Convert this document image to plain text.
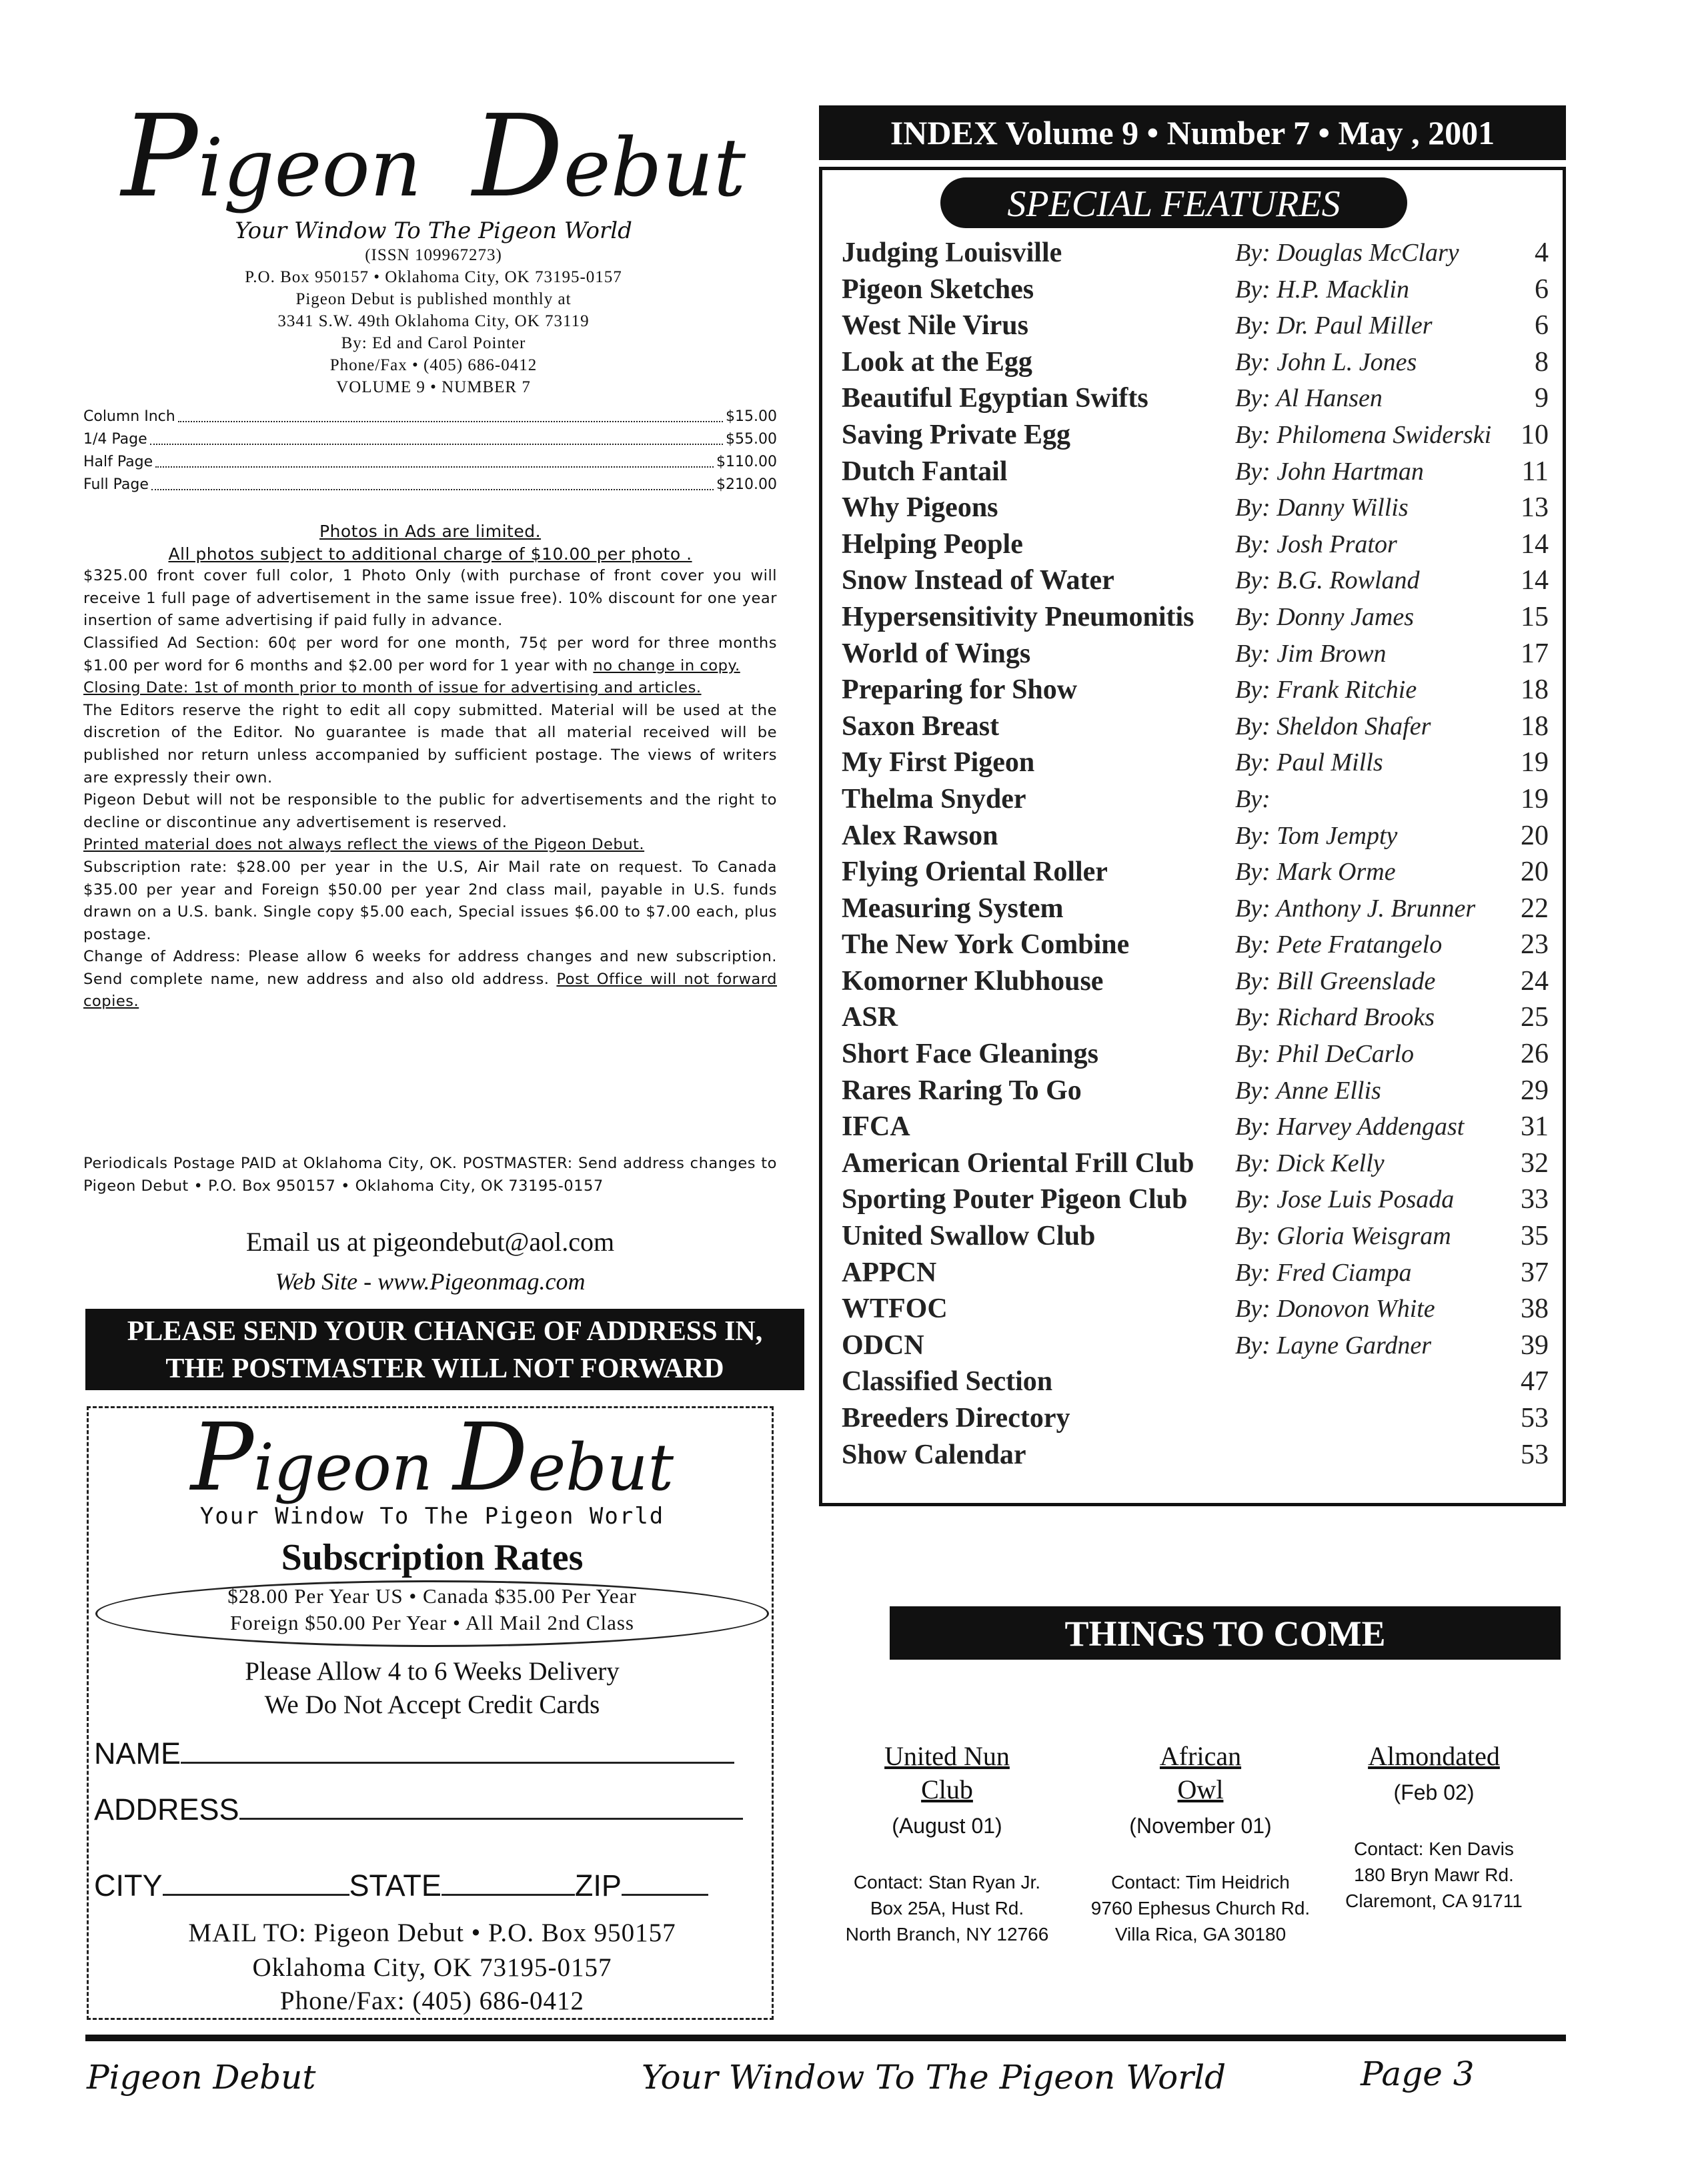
Pigeon Debut
Your Window To The Pigeon World
(ISSN 109967273)
P.O. Box 950157 • Oklahoma City, OK 73195-0157
Pigeon Debut is published monthly at
3341 S.W. 49th Oklahoma City, OK 73119
By: Ed and Carol Pointer
Phone/Fax • (405) 686-0412
VOLUME 9 • NUMBER 7
Column Inch	$15.00
1/4 Page	$55.00
Half Page	$110.00
Full Page	$210.00

Photos in Ads are limited.

All photos subject to additional charge of $10.00 per photo .

$325.00 front cover full color, 1 Photo Only (with purchase of front cover you will receive 1 full page of advertisement in the same issue free). 10% discount for one year insertion of same advertising if paid fully in advance.

Classified Ad Section: 60¢ per word for one month, 75¢ per word for three months $1.00 per word for 6 months and $2.00 per word for 1 year with no change in copy.

Closing Date: 1st of month prior to month of issue for advertising and articles.

The Editors reserve the right to edit all copy submitted. Material will be used at the discretion of the Editor. No guarantee is made that all material received will be published nor return unless accompanied by sufficient postage. The views of writers are expressly their own.

Pigeon Debut will not be responsible to the public for advertisements and the right to decline or discontinue any advertisement is reserved.

Printed material does not always reflect the views of the Pigeon Debut.

Subscription rate: $28.00 per year in the U.S, Air Mail rate on request. To Canada $35.00 per year and Foreign $50.00 per year 2nd class mail, payable in U.S. funds drawn on a U.S. bank. Single copy $5.00 each, Special issues $6.00 to $7.00 each, plus postage.

Change of Address: Please allow 6 weeks for address changes and new subscription. Send complete name, new address and also old address. Post Office will not forward copies.

Periodicals Postage PAID at Oklahoma City, OK. POSTMASTER: Send address changes to Pigeon Debut • P.O. Box 950157 • Oklahoma City, OK 73195-0157
Email us at pigeondebut@aol.com
Web Site - www.Pigeonmag.com
PLEASE SEND YOUR CHANGE OF ADDRESS IN,
THE POSTMASTER WILL NOT FORWARD
Pigeon Debut
Your Window To The Pigeon World
Subscription Rates
$28.00 Per Year US • Canada $35.00 Per Year
Foreign $50.00 Per Year • All Mail 2nd Class
Please Allow 4 to 6 Weeks Delivery
We Do Not Accept Credit Cards
NAME
ADDRESS
CITY	STATE	ZIP
MAIL TO: Pigeon Debut • P.O. Box 950157
Oklahoma City, OK 73195-0157
Phone/Fax: (405) 686-0412
INDEX Volume 9 • Number 7 • May , 2001
SPECIAL FEATURES
Judging Louisville	By: Douglas McClary	4
Pigeon Sketches	By: H.P. Macklin	6
West Nile Virus	By: Dr. Paul Miller	6
Look at the Egg	By: John L. Jones	8
Beautiful Egyptian Swifts	By: Al Hansen	9
Saving Private Egg	By: Philomena Swiderski 10
Dutch Fantail	By: John Hartman	11
Why Pigeons	By: Danny Willis	13
Helping People	By: Josh Prator	14
Snow Instead of Water	By: B.G. Rowland	14
Hypersensitivity Pneumonitis By: Donny James	15
World of Wings	By: Jim Brown	17
Preparing for Show	By: Frank Ritchie	18
Saxon Breast	By: Sheldon Shafer	18
My First Pigeon	By: Paul Mills	19
Thelma Snyder	By:	19
Alex Rawson	By: Tom Jempty	20
Flying Oriental Roller	By: Mark Orme	20
Measuring System	By: Anthony J. Brunner 22
The New York Combine	By: Pete Fratangelo	23
Komorner Klubhouse	By: Bill Greenslade	24
ASR	By: Richard Brooks	25
Short Face Gleanings	By: Phil DeCarlo	26
Rares Raring To Go	By: Anne Ellis	29
IFCA	By: Harvey Addengast 31
American Oriental Frill Club By: Dick Kelly	32
Sporting Pouter Pigeon Club By: Jose Luis Posada 33
United Swallow Club	By: Gloria Weisgram 35
APPCN	By: Fred Ciampa	37
WTFOC	By: Donovon White	38
ODCN	By: Layne Gardner	39
Classified Section	47
Breeders Directory	53
Show Calendar	53
THINGS TO COME
United Nun
Club
(August 01)
Contact: Stan Ryan Jr.
Box 25A, Hust Rd.
North Branch, NY 12766
African
Owl
(November 01)
Contact: Tim Heidrich
9760 Ephesus Church Rd.
Villa Rica, GA 30180
Almondated
(Feb 02)
Contact: Ken Davis
180 Bryn Mawr Rd.
Claremont, CA 91711
Pigeon Debut	Your Window To The Pigeon World	Page 3
